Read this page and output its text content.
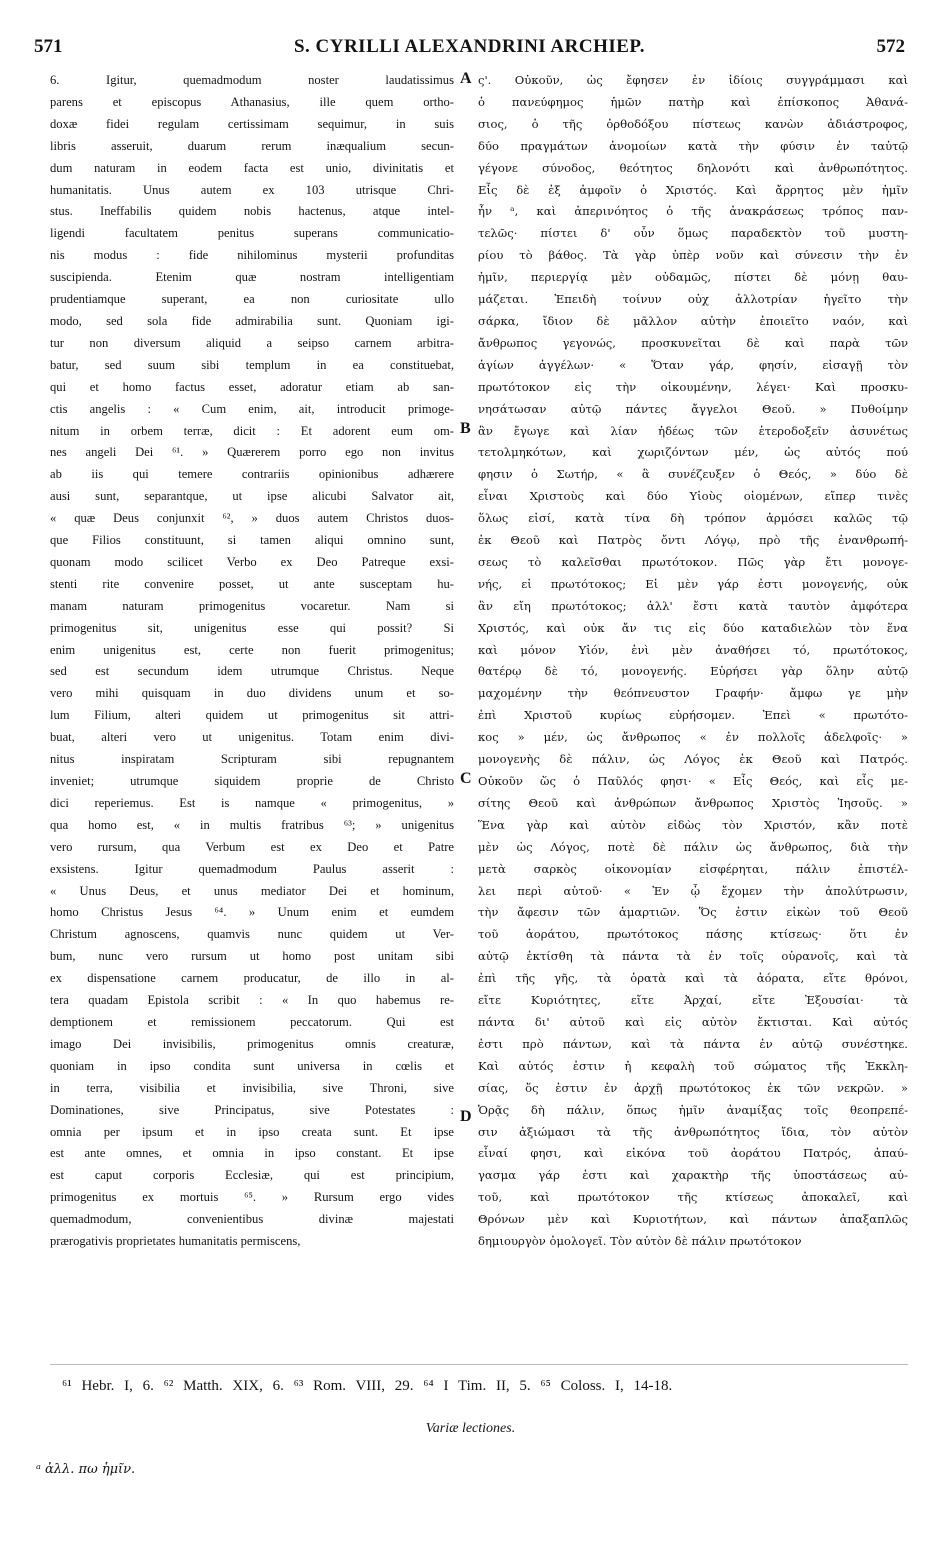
571	S. CYRILLI ALEXANDRINI ARCHIEP.	572
6. Igitur, quemadmodum noster laudatissimus
parens et episcopus Athanasius, ille quem ortho-
doxæ fidei regulam certissimam sequimur, in suis
libris asseruit, duarum rerum inæqualium secun-
dum naturam in eodem facta est unio, divinitatis et
humanitatis. Unus autem ex 103 utrisque Chri-
stus. Ineffabilis quidem nobis hactenus, atque intel-
ligendi facultatem penitus superans communicatio-
nis modus : fide nihilominus mysterii profunditas
suscipienda. Etenim quæ nostram intelligentiam
prudentiamque superant, ea non curiositate ullo
modo, sed sola fide admirabilia sunt. Quoniam igi-
tur non diversum aliquid a seipso carnem arbitra-
batur, sed suum sibi templum in ea constituebat,
qui et homo factus esset, adoratur etiam ab san-
ctis angelis : « Cum enim, ait, introducit primoge-
nitum in orbem terræ, dicit : Et adorent eum om-
nes angeli Dei ⁶¹. » Quærerem porro ego non invitus
ab iis qui temere contrariis opinionibus adhærere
ausi sunt, separantque, ut ipse alicubi Salvator ait,
« quæ Deus conjunxit ⁶², » duos autem Christos duos-
que Filios constituunt, si tamen aliqui omnino sunt,
quonam modo scilicet Verbo ex Deo Patreque exsi-
stenti rite convenire posset, ut ante susceptam hu-
manam naturam primogenitus vocaretur. Nam si
primogenitus sit, unigenitus esse qui possit? Si
enim unigenitus est, certe non fuerit primogenitus;
sed est secundum idem utrumque Christus. Neque
vero mihi quisquam in duo dividens unum et so-
lum Filium, alteri quidem ut primogenitus sit attri-
buat, alteri vero ut unigenitus. Totam enim divi-
nitus inspiratam Scripturam sibi repugnantem
inveniet; utrumque siquidem proprie de Christo
dici reperiemus. Est is namque « primogenitus, »
qua homo est, « in multis fratribus ⁶³; » unigenitus
vero rursum, qua Verbum est ex Deo et Patre
exsistens. Igitur quemadmodum Paulus asserit :
« Unus Deus, et unus mediator Dei et hominum,
homo Christus Jesus ⁶⁴. » Unum enim et eumdem
Christum agnoscens, quamvis nunc quidem ut Ver-
bum, nunc vero rursum ut homo post unitam sibi
ex dispensatione carnem producatur, de illo in al-
tera quadam Epistola scribit : « In quo habemus re-
demptionem et remissionem peccatorum. Qui est
imago Dei invisibilis, primogenitus omnis creaturæ,
quoniam in ipso condita sunt universa in cœlis et
in terra, visibilia et invisibilia, sive Throni, sive
Dominationes, sive Principatus, sive Potestates :
omnia per ipsum et in ipso creata sunt. Et ipse
est ante omnes, et omnia in ipso constant. Et ipse
est caput corporis Ecclesiæ, qui est principium,
primogenitus ex mortuis ⁶⁵. » Rursum ergo vides
quemadmodum, convenientibus divinæ majestati
prærogativis proprietates humanitatis permiscens,
ς'. Οὐκοῦν, ὡς ἔφησεν ἐν ἰδίοις συγγράμμασι καὶ
ὁ πανεύφημος ἡμῶν πατὴρ καὶ ἐπίσκοπος Ἀθανά-
σιος, ὁ τῆς ὀρθοδόξου πίστεως κανὼν ἀδιάστροφος,
δύο πραγμάτων ἀνομοίων κατὰ τὴν φύσιν ἐν ταὐτῷ
γέγονε σύνοδος, θεότητος δηλονότι καὶ ἀνθρωπότητος.
Εἷς δὲ ἐξ ἀμφοῖν ὁ Χριστός. Καὶ ἄρρητος μὲν ἡμῖν
ἦν ᵃ, καὶ ἀπερινόητος ὁ τῆς ἀνακράσεως τρόπος παν-
τελῶς· πίστει δ' οὖν ὅμως παραδεκτὸν τοῦ μυστη-
ρίου τὸ βάθος. Τὰ γὰρ ὑπὲρ νοῦν καὶ σύνεσιν τὴν ἐν
ἡμῖν, περιεργίᾳ μὲν οὐδαμῶς, πίστει δὲ μόνῃ θαυ-
μάζεται. Ἐπειδὴ τοίνυν οὐχ ἀλλοτρίαν ἡγεῖτο τὴν
σάρκα, ἴδιον δὲ μᾶλλον αὐτὴν ἐποιεῖτο ναόν, καὶ
ἄνθρωπος γεγονώς, προσκυνεῖται δὲ καὶ παρὰ τῶν
ἁγίων ἀγγέλων· « Ὅταν γάρ, φησίν, εἰσαγῇ τὸν
πρωτότοκον εἰς τὴν οἰκουμένην, λέγει· Καὶ προσκυ-
νησάτωσαν αὐτῷ πάντες ἄγγελοι Θεοῦ. » Πυθοίμην
ἂν ἔγωγε καὶ λίαν ἡδέως τῶν ἑτεροδοξεῖν ἀσυνέτως
τετολμηκότων, καὶ χωριζόντων μέν, ὡς αὐτός πού
φησιν ὁ Σωτήρ, « ἃ συνέζευξεν ὁ Θεός, » δύο δὲ
εἶναι Χριστοὺς καὶ δύο Υἱοὺς οἰομένων, εἴπερ τινὲς
ὅλως εἰσί, κατὰ τίνα δὴ τρόπον ἁρμόσει καλῶς τῷ
ἐκ Θεοῦ καὶ Πατρὸς ὄντι Λόγῳ, πρὸ τῆς ἐνανθρωπή-
σεως τὸ καλεῖσθαι πρωτότοκον. Πῶς γὰρ ἔτι μονογε-
νής, εἰ πρωτότοκος; Εἰ μὲν γάρ ἐστι μονογενής, οὐκ
ἂν εἴη πρωτότοκος; ἀλλ' ἔστι κατὰ ταυτὸν ἀμφότερα
Χριστός, καὶ οὐκ ἄν τις εἰς δύο καταδιελὼν τὸν ἕνα
καὶ μόνον Υἱόν, ἑνὶ μὲν ἀναθήσει τό, πρωτότοκος,
θατέρῳ δὲ τό, μονογενής. Εὑρήσει γὰρ ὅλην αὐτῷ
μαχομένην τὴν θεόπνευστον Γραφήν· ἄμφω γε μὴν
ἐπὶ Χριστοῦ κυρίως εὑρήσομεν. Ἐπεὶ « πρωτότο-
κος » μέν, ὡς ἄνθρωπος « ἐν πολλοῖς ἀδελφοῖς· »
μονογενὴς δὲ πάλιν, ὡς Λόγος ἐκ Θεοῦ καὶ Πατρός.
Οὐκοῦν ὥς ὁ Παῦλός φησι· « Εἷς Θεός, καὶ εἷς με-
σίτης Θεοῦ καὶ ἀνθρώπων ἄνθρωπος Χριστὸς Ἰησοῦς. »
Ἕνα γὰρ καὶ αὐτὸν εἰδὼς τὸν Χριστόν, κἂν ποτὲ
μὲν ὡς Λόγος, ποτὲ δὲ πάλιν ὡς ἄνθρωπος, διὰ τὴν
μετὰ σαρκὸς οἰκονομίαν εἰσφέρηται, πάλιν ἐπιστέλ-
λει περὶ αὐτοῦ· « Ἐν ᾧ ἔχομεν τὴν ἀπολύτρωσιν,
τὴν ἄφεσιν τῶν ἁμαρτιῶν. Ὅς ἐστιν εἰκὼν τοῦ Θεοῦ
τοῦ ἀοράτου, πρωτότοκος πάσης κτίσεως· ὅτι ἐν
αὐτῷ ἐκτίσθη τὰ πάντα τὰ ἐν τοῖς οὐρανοῖς, καὶ τὰ
ἐπὶ τῆς γῆς, τὰ ὁρατὰ καὶ τὰ ἀόρατα, εἴτε θρόνοι,
εἴτε Κυριότητες, εἴτε Ἀρχαί, εἴτε Ἐξουσίαι· τὰ
πάντα δι' αὐτοῦ καὶ εἰς αὐτὸν ἔκτισται. Καὶ αὐτός
ἐστι πρὸ πάντων, καὶ τὰ πάντα ἐν αὐτῷ συνέστηκε.
Καὶ αὐτός ἐστιν ἡ κεφαλὴ τοῦ σώματος τῆς Ἐκκλη-
σίας, ὅς ἐστιν ἐν ἀρχῇ πρωτότοκος ἐκ τῶν νεκρῶν. »
Ὁρᾷς δὴ πάλιν, ὅπως ἡμῖν ἀναμίξας τοῖς θεοπρεπέ-
σιν ἀξιώμασι τὰ τῆς ἀνθρωπότητος ἴδια, τὸν αὐτὸν
εἶναί φησι, καὶ εἰκόνα τοῦ ἀοράτου Πατρός, ἀπαύ-
γασμα γάρ ἐστι καὶ χαρακτὴρ τῆς ὑποστάσεως αὐ-
τοῦ, καὶ πρωτότοκον τῆς κτίσεως ἀποκαλεῖ, καὶ
Θρόνων μὲν καὶ Κυριοτήτων, καὶ πάντων ἀπαξαπλῶς
δημιουργὸν ὁμολογεῖ. Τὸν αὐτὸν δὲ πάλιν πρωτότοκον
A
B
C
D
⁶¹ Hebr. I, 6. ⁶² Matth. XIX, 6. ⁶³ Rom. VIII, 29. ⁶⁴ I Tim. II, 5. ⁶⁵ Coloss. I, 14-18.
Variæ lectiones.
ᵃ ἀλλ. πω ἡμῖν.
